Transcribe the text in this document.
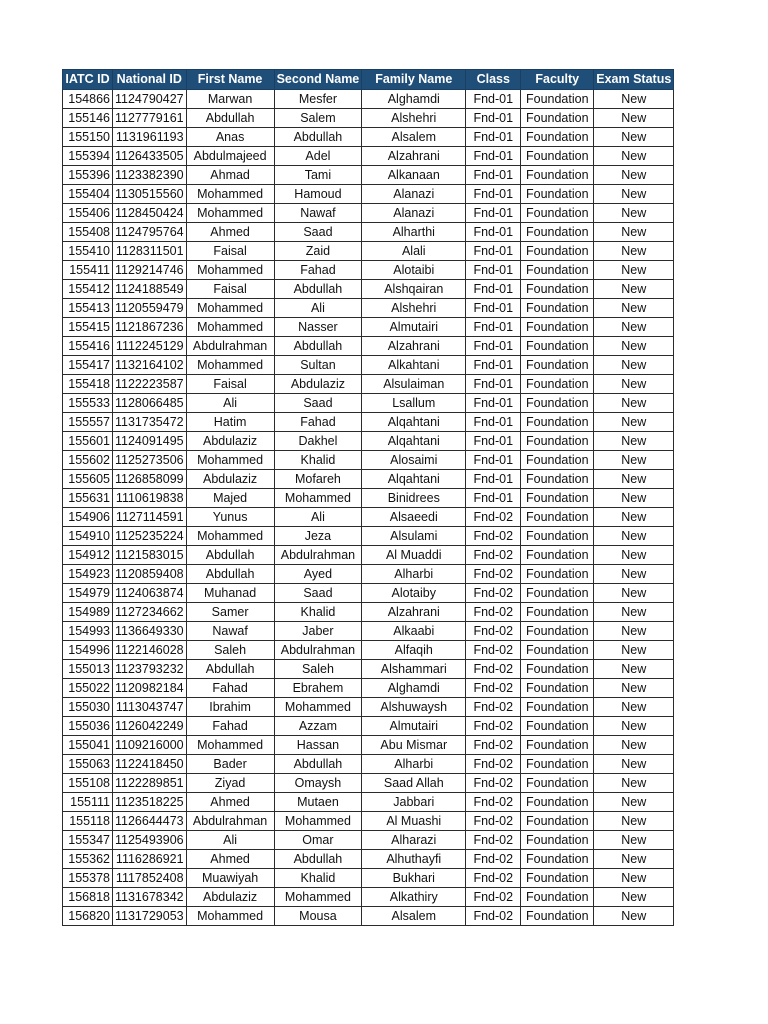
IATC ID	National ID	First Name	Second Name	Family Name	Class	Faculty	Exam Status
154866	1124790427	Marwan	Mesfer	Alghamdi	Fnd-01	Foundation	New
155146	1127779161	Abdullah	Salem	Alshehri	Fnd-01	Foundation	New
155150	1131961193	Anas	Abdullah	Alsalem	Fnd-01	Foundation	New
155394	1126433505	Abdulmajeed	Adel	Alzahrani	Fnd-01	Foundation	New
155396	1123382390	Ahmad	Tami	Alkanaan	Fnd-01	Foundation	New
155404	1130515560	Mohammed	Hamoud	Alanazi	Fnd-01	Foundation	New
155406	1128450424	Mohammed	Nawaf	Alanazi	Fnd-01	Foundation	New
155408	1124795764	Ahmed	Saad	Alharthi	Fnd-01	Foundation	New
155410	1128311501	Faisal	Zaid	Alali	Fnd-01	Foundation	New
155411	1129214746	Mohammed	Fahad	Alotaibi	Fnd-01	Foundation	New
155412	1124188549	Faisal	Abdullah	Alshqairan	Fnd-01	Foundation	New
155413	1120559479	Mohammed	Ali	Alshehri	Fnd-01	Foundation	New
155415	1121867236	Mohammed	Nasser	Almutairi	Fnd-01	Foundation	New
155416	1112245129	Abdulrahman	Abdullah	Alzahrani	Fnd-01	Foundation	New
155417	1132164102	Mohammed	Sultan	Alkahtani	Fnd-01	Foundation	New
155418	1122223587	Faisal	Abdulaziz	Alsulaiman	Fnd-01	Foundation	New
155533	1128066485	Ali	Saad	Lsallum	Fnd-01	Foundation	New
155557	1131735472	Hatim	Fahad	Alqahtani	Fnd-01	Foundation	New
155601	1124091495	Abdulaziz	Dakhel	Alqahtani	Fnd-01	Foundation	New
155602	1125273506	Mohammed	Khalid	Alosaimi	Fnd-01	Foundation	New
155605	1126858099	Abdulaziz	Mofareh	Alqahtani	Fnd-01	Foundation	New
155631	1110619838	Majed	Mohammed	Binidrees	Fnd-01	Foundation	New
154906	1127114591	Yunus	Ali	Alsaeedi	Fnd-02	Foundation	New
154910	1125235224	Mohammed	Jeza	Alsulami	Fnd-02	Foundation	New
154912	1121583015	Abdullah	Abdulrahman	Al Muaddi	Fnd-02	Foundation	New
154923	1120859408	Abdullah	Ayed	Alharbi	Fnd-02	Foundation	New
154979	1124063874	Muhanad	Saad	Alotaiby	Fnd-02	Foundation	New
154989	1127234662	Samer	Khalid	Alzahrani	Fnd-02	Foundation	New
154993	1136649330	Nawaf	Jaber	Alkaabi	Fnd-02	Foundation	New
154996	1122146028	Saleh	Abdulrahman	Alfaqih	Fnd-02	Foundation	New
155013	1123793232	Abdullah	Saleh	Alshammari	Fnd-02	Foundation	New
155022	1120982184	Fahad	Ebrahem	Alghamdi	Fnd-02	Foundation	New
155030	1113043747	Ibrahim	Mohammed	Alshuwaysh	Fnd-02	Foundation	New
155036	1126042249	Fahad	Azzam	Almutairi	Fnd-02	Foundation	New
155041	1109216000	Mohammed	Hassan	Abu Mismar	Fnd-02	Foundation	New
155063	1122418450	Bader	Abdullah	Alharbi	Fnd-02	Foundation	New
155108	1122289851	Ziyad	Omaysh	Saad Allah	Fnd-02	Foundation	New
155111	1123518225	Ahmed	Mutaen	Jabbari	Fnd-02	Foundation	New
155118	1126644473	Abdulrahman	Mohammed	Al Muashi	Fnd-02	Foundation	New
155347	1125493906	Ali	Omar	Alharazi	Fnd-02	Foundation	New
155362	1116286921	Ahmed	Abdullah	Alhuthayfi	Fnd-02	Foundation	New
155378	1117852408	Muawiyah	Khalid	Bukhari	Fnd-02	Foundation	New
156818	1131678342	Abdulaziz	Mohammed	Alkathiry	Fnd-02	Foundation	New
156820	1131729053	Mohammed	Mousa	Alsalem	Fnd-02	Foundation	New
